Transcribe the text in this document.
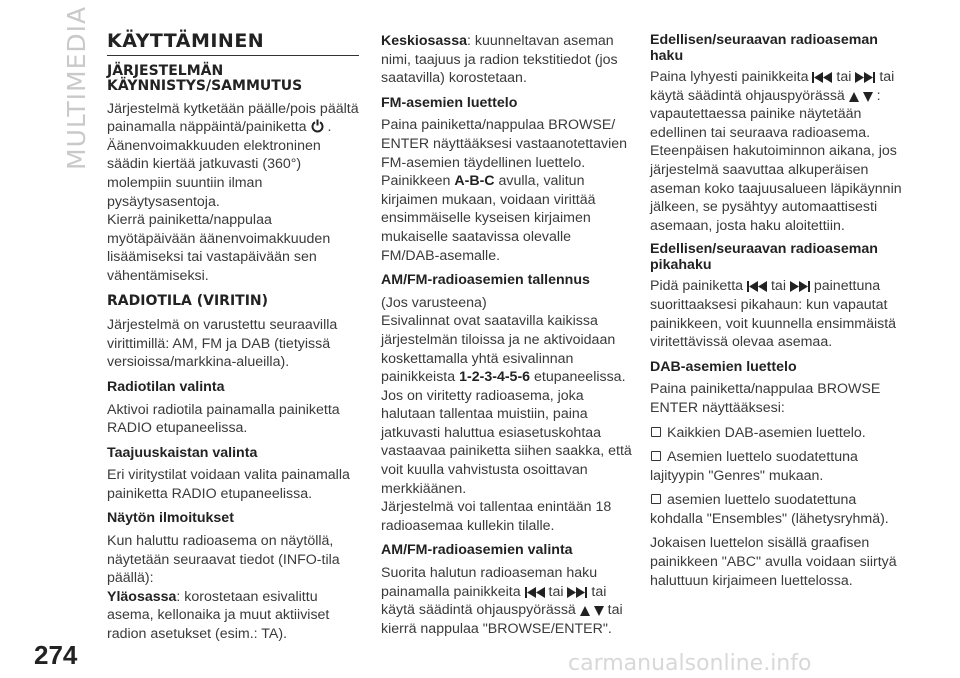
MULTIMEDIA
274
KÄYTTÄMINEN
JÄRJESTELMÄN KÄYNNISTYS/SAMMUTUS

Järjestelmä kytketään päälle/pois päältä painamalla näppäintä/painiketta .
Äänenvoimakkuuden elektroninen säädin kiertää jatkuvasti (360°) molempiin suuntiin ilman pysäytysasentoja.
Kierrä painiketta/nappulaa myötäpäivään äänenvoimakkuuden lisäämiseksi tai vastapäivään sen vähentämiseksi.

RADIOTILA (VIRITIN)

Järjestelmä on varustettu seuraavilla virittimillä: AM, FM ja DAB (tietyissä versioissa/markkina-alueilla).

Radiotilan valinta

Aktivoi radiotila painamalla painiketta RADIO etupaneelissa.

Taajuuskaistan valinta

Eri viritystilat voidaan valita painamalla painiketta RADIO etupaneelissa.

Näytön ilmoitukset

Kun haluttu radioasema on näytöllä, näytetään seuraavat tiedot (INFO-tila päällä):
Yläosassa: korostetaan esivalittu asema, kellonaika ja muut aktiiviset radion asetukset (esim.: TA).

Keskiosassa: kuunneltavan aseman nimi, taajuus ja radion tekstitiedot (jos saatavilla) korostetaan.

FM-asemien luettelo

Paina painiketta/nappulaa BROWSE/ ENTER näyttääksesi vastaanotettavien FM-asemien täydellinen luettelo. Painikkeen A-B-C avulla, valitun kirjaimen mukaan, voidaan virittää ensimmäiselle kyseisen kirjaimen mukaiselle saatavissa olevalle FM/DAB-asemalle.

AM/FM-radioasemien tallennus

(Jos varusteena)
Esivalinnat ovat saatavilla kaikissa järjestelmän tiloissa ja ne aktivoidaan koskettamalla yhtä esivalinnan painikkeista 1-2-3-4-5-6 etupaneelissa.
Jos on viritetty radioasema, joka halutaan tallentaa muistiin, paina jatkuvasti haluttua esiasetuskohtaa vastaavaa painiketta siihen saakka, että voit kuulla vahvistusta osoittavan merkkiäänen.
Järjestelmä voi tallentaa enintään 18 radioasemaa kullekin tilalle.

AM/FM-radioasemien valinta

Suorita halutun radioaseman haku painamalla painikkeita tai tai käytä säädintä ohjauspyörässä tai kierrä nappulaa "BROWSE/ENTER".

Edellisen/seuraavan radioaseman haku

Paina lyhyesti painikkeita tai tai käytä säädintä ohjauspyörässä : vapautettaessa painike näytetään edellinen tai seuraava radioasema. Eteenpäisen hakutoiminnon aikana, jos järjestelmä saavuttaa alkuperäisen aseman koko taajuusalueen läpikäynnin jälkeen, se pysähtyy automaattisesti asemaan, josta haku aloitettiin.

Edellisen/seuraavan radioaseman pikahaku

Pidä painiketta tai painettuna suorittaaksesi pikahaun: kun vapautat painikkeen, voit kuunnella ensimmäistä viritettävissä olevaa asemaa.

DAB-asemien luettelo

Paina painiketta/nappulaa BROWSE ENTER näyttääksesi:

Kaikkien DAB-asemien luettelo.
Asemien luettelo suodatettuna lajityypin "Genres" mukaan.
asemien luettelo suodatettuna kohdalla "Ensembles" (lähetysryhmä).

Jokaisen luettelon sisällä graafisen painikkeen "ABC" avulla voidaan siirtyä haluttuun kirjaimeen luettelossa.

carmanualsonline.info
